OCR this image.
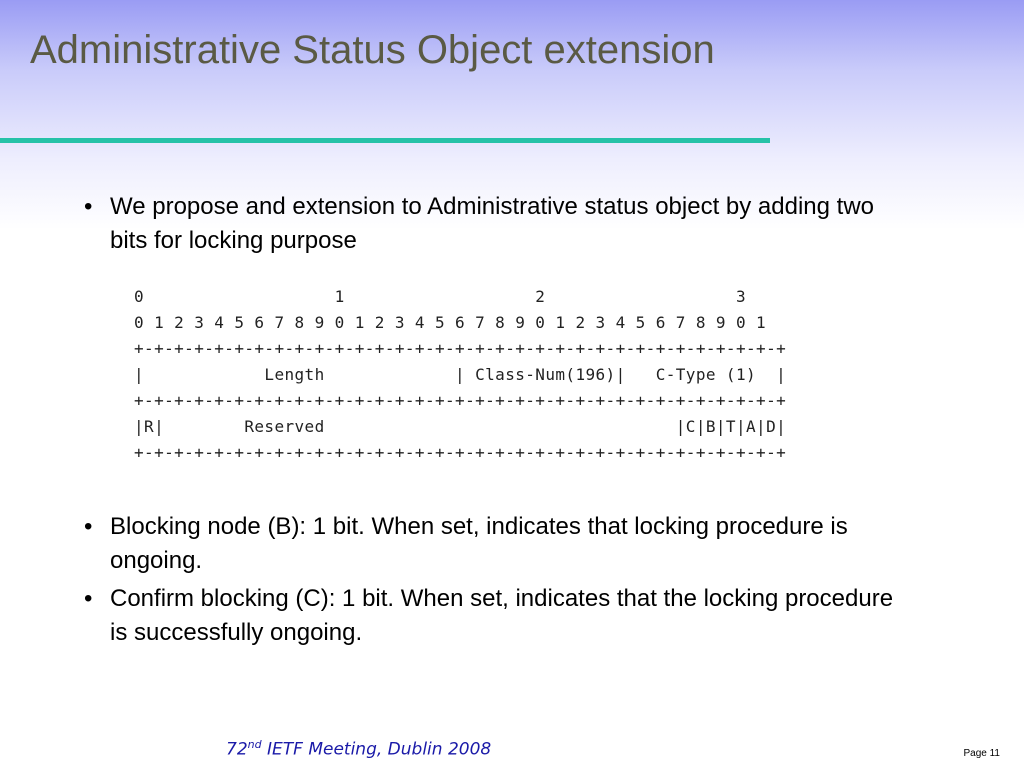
Administrative Status Object extension
• We propose and extension to Administrative status object by adding two bits for locking purpose
0                   1                   2                   3
0 1 2 3 4 5 6 7 8 9 0 1 2 3 4 5 6 7 8 9 0 1 2 3 4 5 6 7 8 9 0 1
+-+-+-+-+-+-+-+-+-+-+-+-+-+-+-+-+-+-+-+-+-+-+-+-+-+-+-+-+-+-+-+-+
|            Length             | Class-Num(196)|   C-Type (1)  |
+-+-+-+-+-+-+-+-+-+-+-+-+-+-+-+-+-+-+-+-+-+-+-+-+-+-+-+-+-+-+-+-+
|R|        Reserved                                   |C|B|T|A|D|
+-+-+-+-+-+-+-+-+-+-+-+-+-+-+-+-+-+-+-+-+-+-+-+-+-+-+-+-+-+-+-+-+
• Blocking node (B): 1 bit. When set, indicates that locking procedure is ongoing.
• Confirm blocking (C): 1 bit. When set, indicates that the locking procedure is successfully ongoing.
72nd IETF Meeting, Dublin 2008	Page 11
